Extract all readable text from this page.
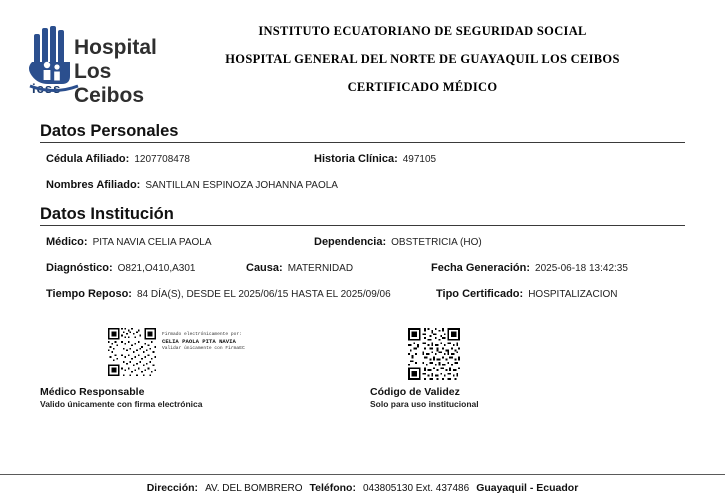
iess
Hospital
Los Ceibos
INSTITUTO ECUATORIANO DE SEGURIDAD SOCIAL
HOSPITAL GENERAL DEL NORTE DE GUAYAQUIL LOS CEIBOS
CERTIFICADO MÉDICO
Datos Personales
Cédula Afiliado: 1207708478	Historia Clínica: 497105
Nombres Afiliado: SANTILLAN ESPINOZA JOHANNA PAOLA
Datos Institución
Médico: PITA NAVIA CELIA PAOLA	Dependencia: OBSTETRICIA (HO)
Diagnóstico: O821,O410,A301	Causa: MATERNIDAD	Fecha Generación: 2025-06-18 13:42:35
Tiempo Reposo: 84 DÍA(S), DESDE EL 2025/06/15 HASTA EL 2025/09/06	Tipo Certificado: HOSPITALIZACION
Firmado electrónicamente por:
CELIA PAOLA PITA NAVIA
Validar únicamente con FirmaEC
Médico Responsable
Valido únicamente con firma electrónica
Código de Validez
Solo para uso institucional
Dirección: AV. DEL BOMBRERO Teléfono: 043805130 Ext. 437486 Guayaquil - Ecuador
